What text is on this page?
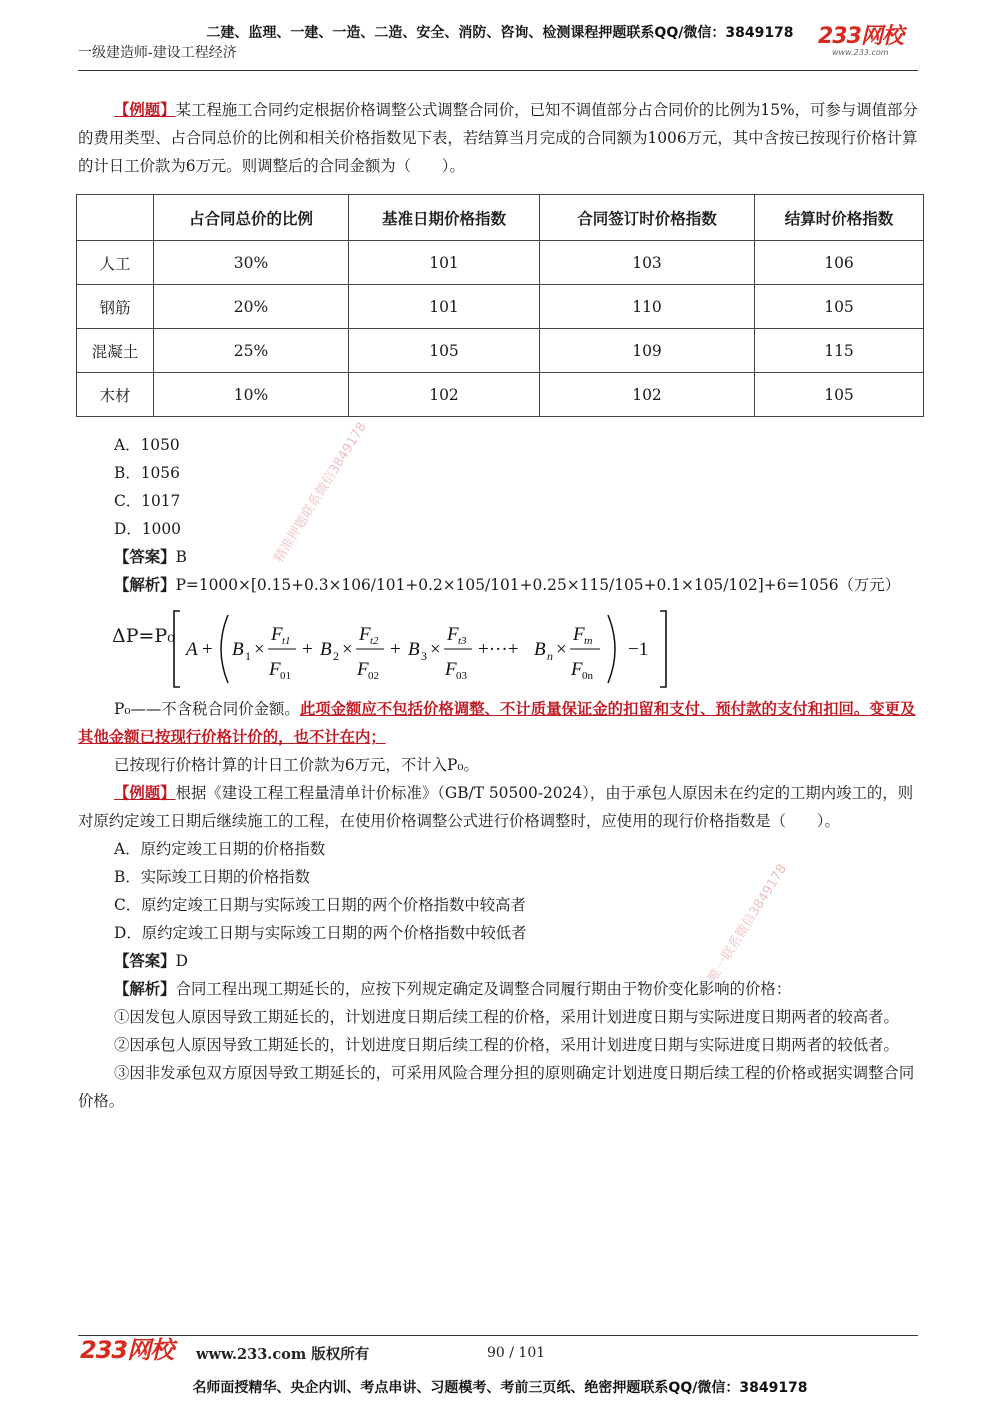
二建、监理、一建、一造、二造、安全、消防、咨询、检测课程押题联系QQ/微信：3849178
一级建造师-建设工程经济
233网校
www.233.com

【例题】某工程施工合同约定根据价格调整公式调整合同价，已知不调值部分占合同价的比例为15%，可参与调值部分的费用类型、占合同总价的比例和相关价格指数见下表，若结算当月完成的合同额为1006万元，其中含按已按现行价格计算的计日工价款为6万元。则调整后的合同金额为（　　）。

	占合同总价的比例	基准日期价格指数	合同签订时价格指数	结算时价格指数
人工	30%	101	103	106
钢筋	20%	101	110	105
混凝土	25%	105	109	115
木材	10%	102	102	105

A．1050

B．1056

C．1017

D．1000

【答案】B

【解析】P=1000×[0.15+0.3×106/101+0.2×105/101+0.25×115/105+0.1×105/102]+6=1056（万元）

ΔP=P₀
A + B 1 ×
F t1
F 01
+ B 2 ×
F t2
F 02
+ B 3 ×
F t3
F 03
+···+ B n ×
F tn
F 0n
−1

P₀——不含税合同价金额。此项金额应不包括价格调整、不计质量保证金的扣留和支付、预付款的支付和扣回。变更及其他金额已按现行价格计价的，也不计在内；

已按现行价格计算的计日工价款为6万元，不计入P₀。

【例题】根据《建设工程工程量清单计价标准》（GB/T 50500-2024），由于承包人原因未在约定的工期内竣工的，则对原约定竣工日期后继续施工的工程，在使用价格调整公式进行价格调整时，应使用的现行价格指数是（　　）。

A．原约定竣工日期的价格指数

B．实际竣工日期的价格指数

C．原约定竣工日期与实际竣工日期的两个价格指数中较高者

D．原约定竣工日期与实际竣工日期的两个价格指数中较低者

【答案】D

【解析】合同工程出现工期延长的，应按下列规定确定及调整合同履行期由于物价变化影响的价格：

①因发包人原因导致工期延长的，计划进度日期后续工程的价格，采用计划进度日期与实际进度日期两者的较高者。

②因承包人原因导致工期延长的，计划进度日期后续工程的价格，采用计划进度日期与实际进度日期两者的较低者。

③因非发承包双方原因导致工期延长的，可采用风险合理分担的原则确定计划进度日期后续工程的价格或据实调整合同价格。

精准押题联系微信3849178
唯一联系微信3849178
233网校 www.233.com 版权所有	90 / 101
名师面授精华、央企内训、考点串讲、习题模考、考前三页纸、绝密押题联系QQ/微信：3849178
